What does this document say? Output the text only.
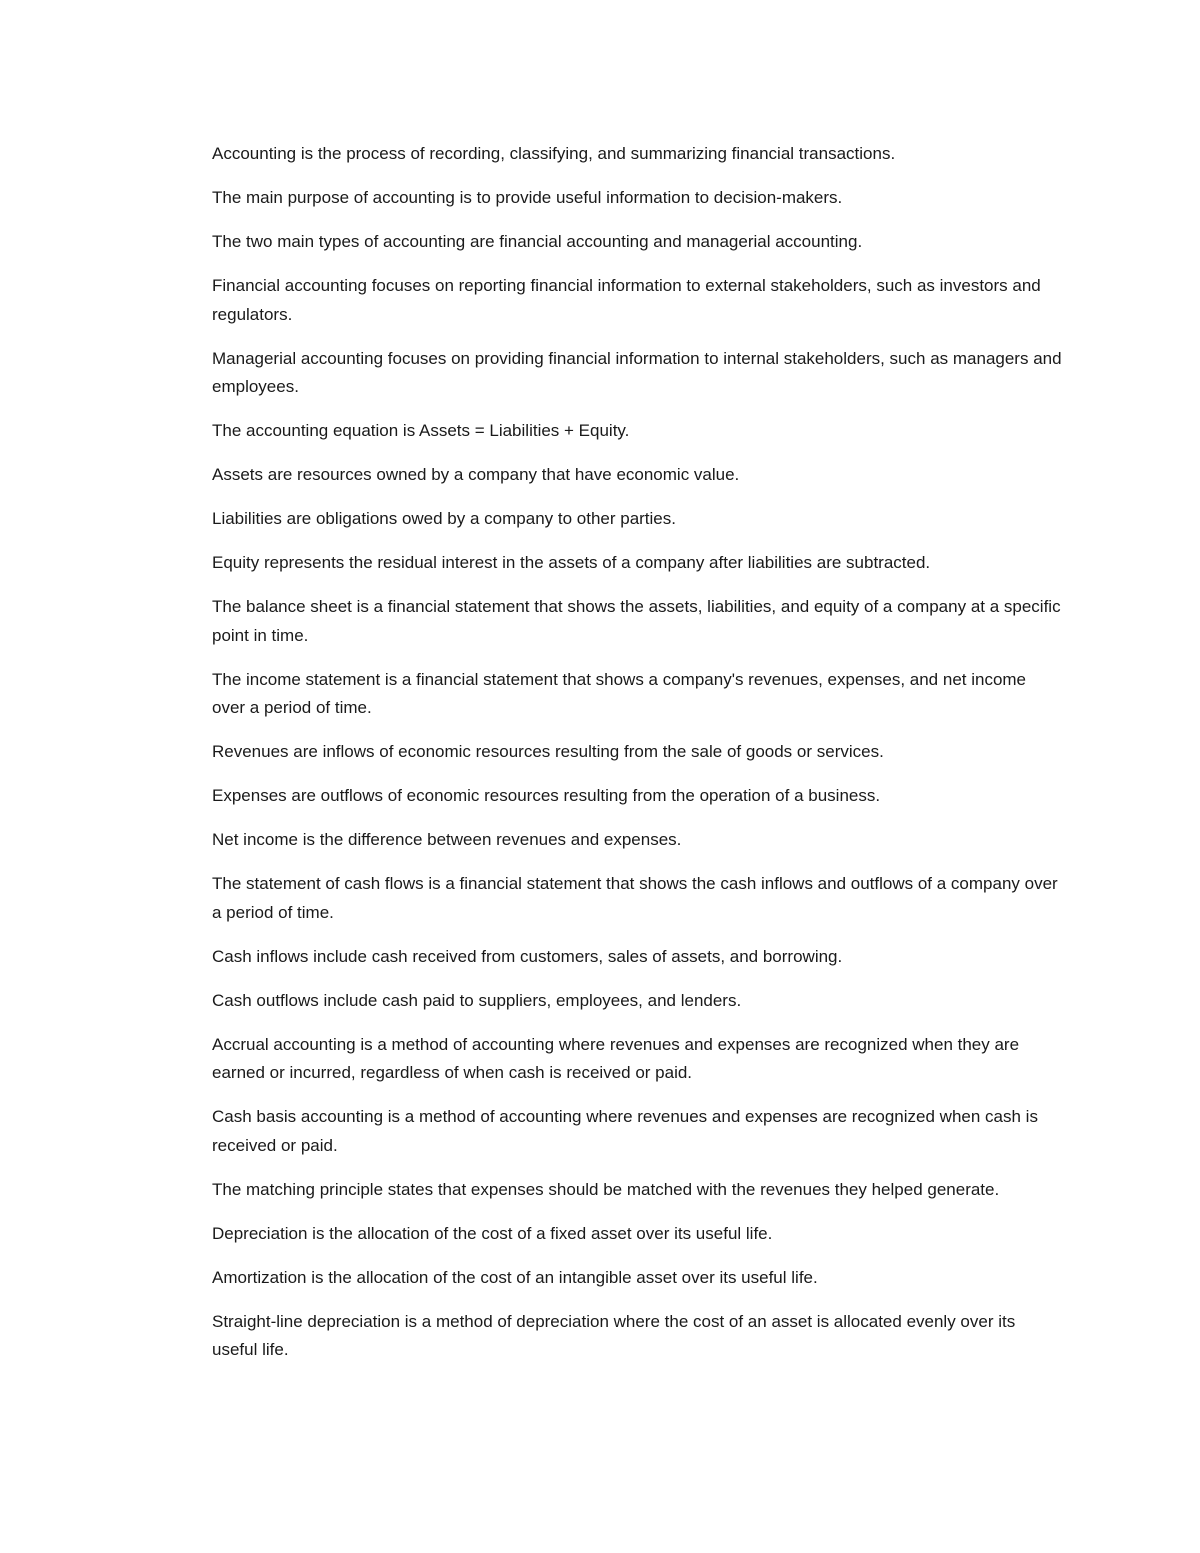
Accounting is the process of recording, classifying, and summarizing financial transactions.

The main purpose of accounting is to provide useful information to decision-makers.

The two main types of accounting are financial accounting and managerial accounting.

Financial accounting focuses on reporting financial information to external stakeholders, such as investors and regulators.

Managerial accounting focuses on providing financial information to internal stakeholders, such as managers and employees.

The accounting equation is Assets = Liabilities + Equity.

Assets are resources owned by a company that have economic value.

Liabilities are obligations owed by a company to other parties.

Equity represents the residual interest in the assets of a company after liabilities are subtracted.

The balance sheet is a financial statement that shows the assets, liabilities, and equity of a company at a specific point in time.

The income statement is a financial statement that shows a company's revenues, expenses, and net income over a period of time.

Revenues are inflows of economic resources resulting from the sale of goods or services.

Expenses are outflows of economic resources resulting from the operation of a business.

Net income is the difference between revenues and expenses.

The statement of cash flows is a financial statement that shows the cash inflows and outflows of a company over a period of time.

Cash inflows include cash received from customers, sales of assets, and borrowing.

Cash outflows include cash paid to suppliers, employees, and lenders.

Accrual accounting is a method of accounting where revenues and expenses are recognized when they are earned or incurred, regardless of when cash is received or paid.

Cash basis accounting is a method of accounting where revenues and expenses are recognized when cash is received or paid.

The matching principle states that expenses should be matched with the revenues they helped generate.

Depreciation is the allocation of the cost of a fixed asset over its useful life.

Amortization is the allocation of the cost of an intangible asset over its useful life.

Straight-line depreciation is a method of depreciation where the cost of an asset is allocated evenly over its useful life.
